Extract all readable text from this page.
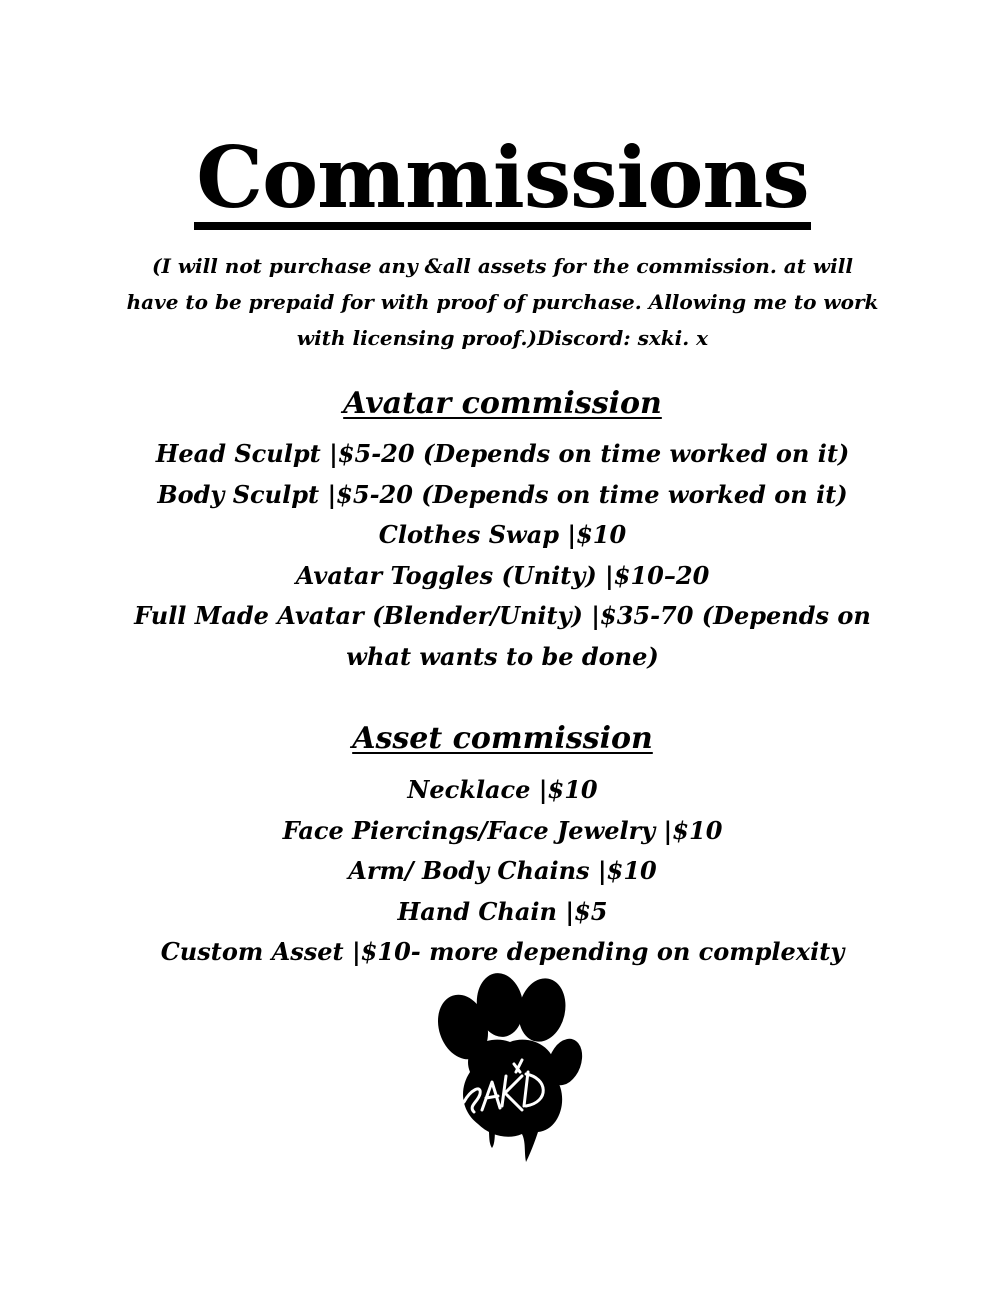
Commissions
(I will not purchase any &all assets for the commission. at will have to be prepaid for with proof of purchase. Allowing me to work with licensing proof.)Discord: sxki. x
Avatar commission
Head Sculpt |$5-20 (Depends on time worked on it)
Body Sculpt |$5-20 (Depends on time worked on it)
Clothes Swap |$10
Avatar Toggles (Unity) |$10–20
Full Made Avatar (Blender/Unity) |$35-70 (Depends on what wants to be done)
Asset commission
Necklace |$10
Face Piercings/Face Jewelry |$10
Arm/ Body Chains |$10
Hand Chain |$5
Custom Asset |$10- more depending on complexity
